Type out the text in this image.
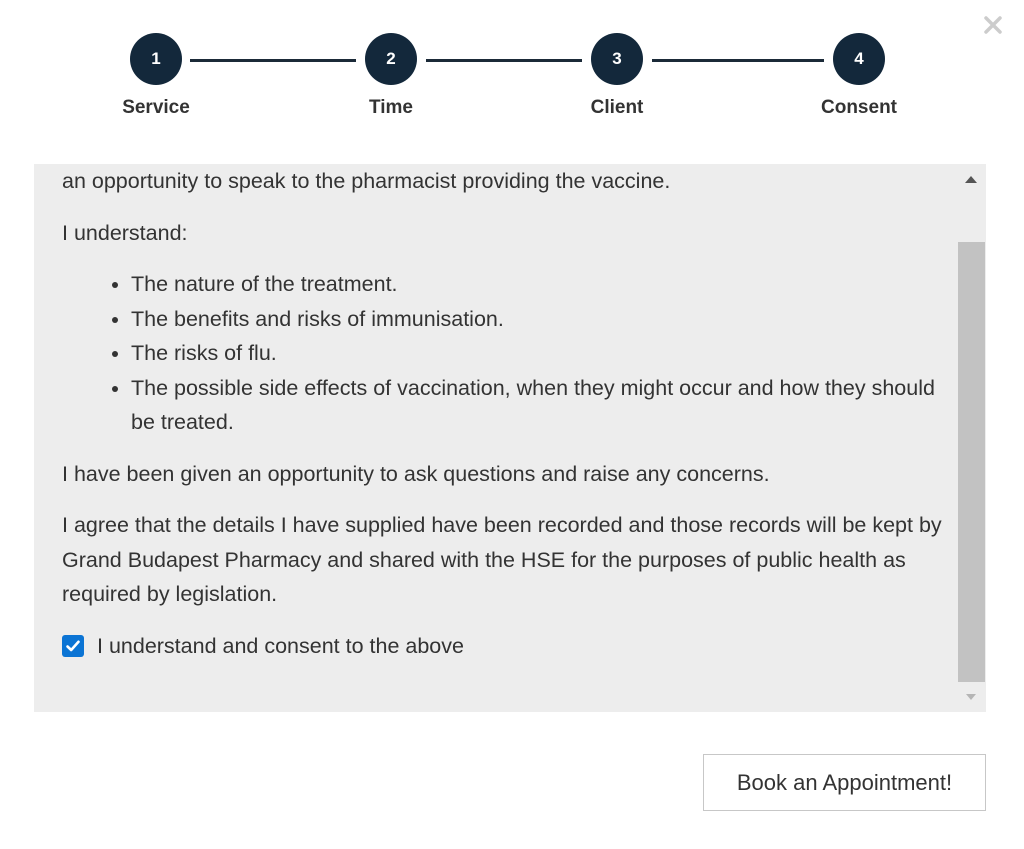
1
Service
2
Time
3
Client
4
Consent

an opportunity to speak to the pharmacist providing the vaccine.

I understand:

• The nature of the treatment.
• The benefits and risks of immunisation.
• The risks of flu.
• The possible side effects of vaccination, when they might occur and how they should be treated.

I have been given an opportunity to ask questions and raise any concerns.

I agree that the details I have supplied have been recorded and those records will be kept by Grand Budapest Pharmacy and shared with the HSE for the purposes of public health as required by legislation.

I understand and consent to the above
Book an Appointment!
